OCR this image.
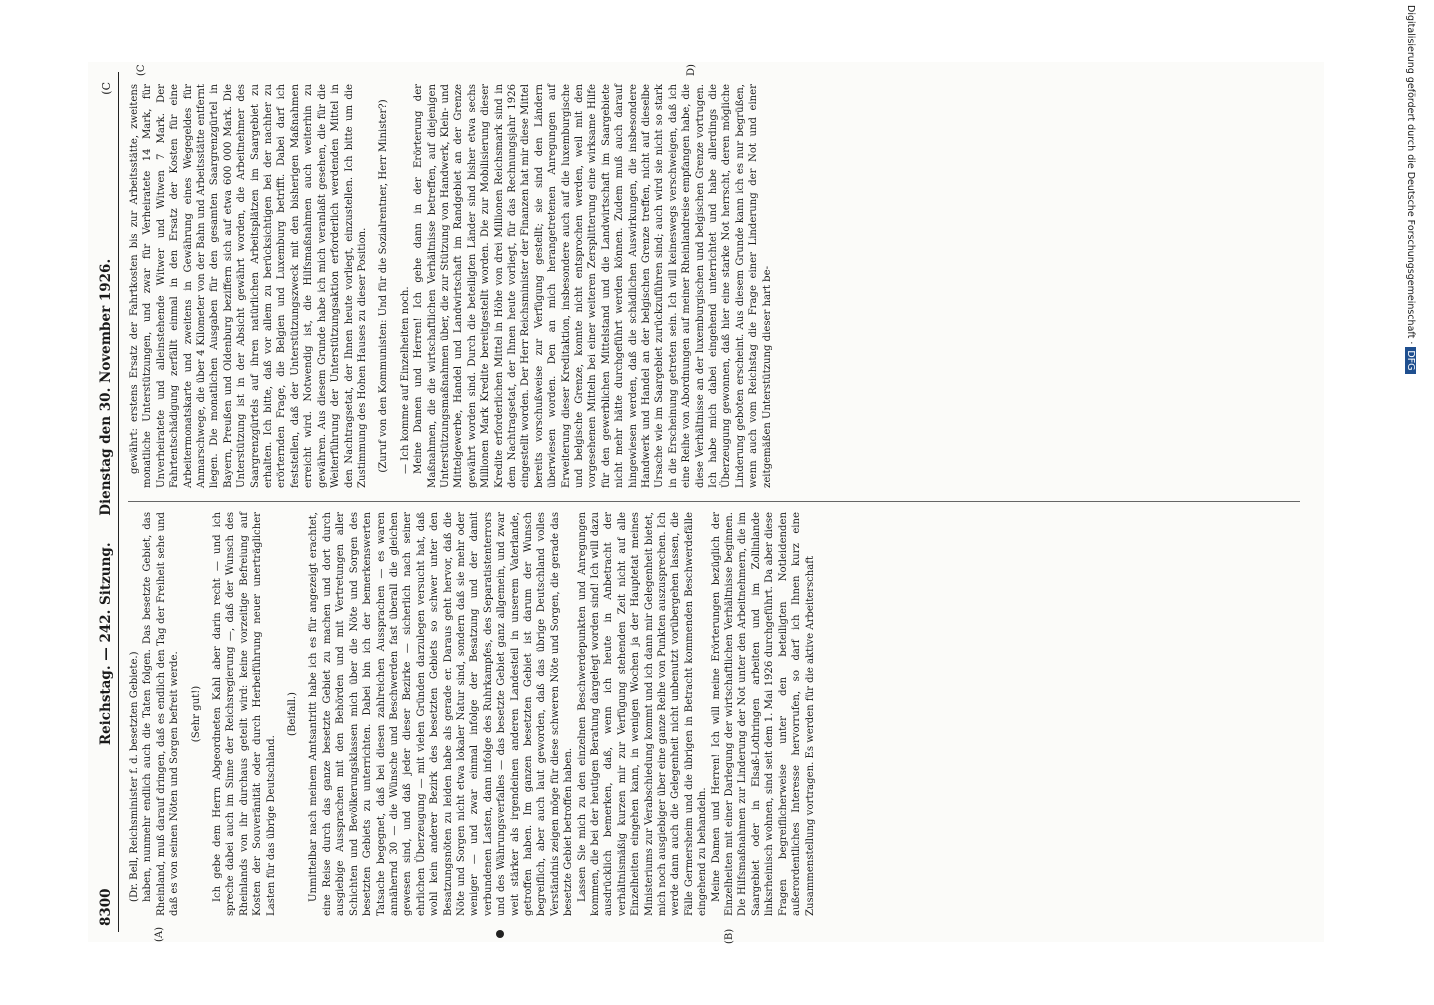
8300
Reichstag. — 242. Sitzung. Dienstag den 30. November 1926.
(C
(A)	(B)
(C	D)

(Dr. Bell, Reichsminister f. d. besetzten Gebiete.) haben, nunmehr endlich auch die Taten folgen. Das besetzte Gebiet, das Rheinland, muß darauf dringen, daß es endlich den Tag der Freiheit sehe und daß es von seinen Nöten und Sorgen befreit werde. (Sehr gut!) Ich gebe dem Herrn Abgeordneten Kahl aber darin recht — und ich spreche dabei auch im Sinne der Reichsregierung —, daß der Wunsch des Rheinlands von ihr durchaus geteilt wird: keine vorzeitige Befreiung auf Kosten der Souveränität oder durch Herbeiführung neuer unerträglicher Lasten für das übrige Deutschland.

(Beifall.) Unmittelbar nach meinem Amtsantritt habe ich es für angezeigt erachtet, eine Reise durch das ganze besetzte Gebiet zu machen und dort durch ausgiebige Aussprachen mit den Behörden und mit Vertretungen aller Schichten und Bevölkerungsklassen mich über die Nöte und Sorgen des besetzten Gebiets zu unterrichten. Dabei bin ich der bemerkenswerten Tatsache begegnet, daß bei diesen zahlreichen Aussprachen — es waren annähernd 30 — die Wünsche und Beschwerden fast überall die gleichen gewesen sind, und daß jeder dieser Bezirke — sicherlich nach seiner ehrlichen Überzeugung — mit vielen Gründen darzulegen versucht hat, daß wohl kein anderer Bezirk des besetzten Gebiets so schwer unter den Besatzungsnöten zu leiden habe als gerade er. Daraus geht hervor, daß die Nöte und Sorgen nicht etwa lokaler Natur sind, sondern daß sie mehr oder weniger — und zwar einmal infolge der Besatzung und der damit verbundenen Lasten, dann infolge des Ruhrkampfes, des Separatistenterrors und des Währungsverfalles — das besetzte Gebiet ganz allgemein, und zwar weit stärker als irgendeinen anderen Landesteil in unserem Vaterlande, getroffen haben. Im ganzen besetzten Gebiet ist darum der Wunsch begreiflich, aber auch laut geworden, daß das übrige Deutschland volles Verständnis zeigen möge für diese schweren Nöte und Sorgen, die gerade das besetzte Gebiet betroffen haben. Lassen Sie mich zu den einzelnen Beschwerdepunkten und Anregungen kommen, die bei der heutigen Beratung dargelegt worden sind! Ich will dazu ausdrücklich bemerken, daß, wenn ich heute in Anbetracht der verhältnismäßig kurzen mir zur Verfügung stehenden Zeit nicht auf alle Einzelheiten eingehen kann, in wenigen Wochen ja der Hauptetat meines Ministeriums zur Verabschiedung kommt und ich dann mir Gelegenheit bietet, mich noch ausgiebiger über eine ganze Reihe von Punkten auszusprechen. Ich werde dann auch die Gelegenheit nicht unbenutzt vorübergehen lassen, die Fälle Germersheim und die übrigen in Betracht kommenden Beschwerdefälle eingehend zu behandeln. Meine Damen und Herren! Ich will meine Erörterungen bezüglich der Einzelheiten mit einer Darlegung der wirtschaftlichen Verhältnisse beginnen. Die Hilfsmaßnahmen zur Linderung der Not unter den Arbeitnehmern, die im Saargebiet oder in Elsaß-Lothringen arbeiten und im Zollinlande linksrheinisch wohnen, sind seit dem 1. Mai 1926 durchgeführt. Da aber diese Fragen begreiflicherweise unter den beteiligten Notleidenden außerordentliches Interesse hervorrufen, so darf ich Ihnen kurz eine Zusammenstellung vortragen. Es werden für die aktive Arbeiterschaft

gewährt: erstens Ersatz der Fahrtkosten bis zur Arbeitsstätte, zweitens monatliche Unterstützungen, und zwar für Verheiratete 14 Mark, für Unverheiratete und alleinstehende Witwer und Witwen 7 Mark. Der Fahrtentschädigung zerfällt einmal in den Ersatz der Kosten für eine Arbeitermonatskarte und zweitens in Gewährung eines Wegegeldes für Anmarschwege, die über 4 Kilometer von der Bahn und Arbeitsstätte entfernt liegen. Die monatlichen Ausgaben für den gesamten Saargrenzgürtel in Bayern, Preußen und Oldenburg beziffern sich auf etwa 600 000 Mark. Die Unterstützung ist in der Absicht gewährt worden, die Arbeitnehmer des Saargrenzgürtels auf ihren natürlichen Arbeitsplätzen im Saargebiet zu erhalten. Ich bitte, daß vor allem zu berücksichtigen bei der nachher zu erörternden Frage, die Belgien und Luxemburg betrifft. Dabei darf ich feststellen, daß der Unterstützungszweck mit den bisherigen Maßnahmen erreicht wird. Notwendig ist, die Hilfsmaßnahmen auch weiterhin zu gewähren. Aus diesem Grunde habe ich mich veranlaßt gesehen, die für die Weiterführung der Unterstützungsaktion erforderlich werdenden Mittel in den Nachtragsetat, der Ihnen heute vorliegt, einzustellen. Ich bitte um die Zustimmung des Hohen Hauses zu dieser Position. (Zuruf von den Kommunisten: Und für die Sozialrentner, Herr Minister?) — Ich komme auf Einzelheiten noch. Meine Damen und Herren! Ich gehe dann in der Erörterung der Maßnahmen, die die wirtschaftlichen Verhältnisse betreffen, auf diejenigen Unterstützungsmaßnahmen über, die zur Stützung von Handwerk, Klein- und Mittelgewerbe, Handel und Landwirtschaft im Randgebiet an der Grenze gewährt worden sind. Durch die beteiligten Länder sind bisher etwa sechs Millionen Mark Kredite bereitgestellt worden. Die zur Mobilisierung dieser Kredite erforderlichen Mittel in Höhe von drei Millionen Reichsmark sind in dem Nachtragsetat, der Ihnen heute vorliegt, für das Rechnungsjahr 1926 eingestellt worden. Der Herr Reichsminister der Finanzen hat mir diese Mittel bereits vorschußweise zur Verfügung gestellt; sie sind den Ländern überwiesen worden. Den an mich herangetretenen Anregungen auf Erweiterung dieser Kreditaktion, insbesondere auch auf die luxemburgische und belgische Grenze, konnte nicht entsprochen werden, weil mit den vorgesehenen Mitteln bei einer weiteren Zersplitterung eine wirksame Hilfe für den gewerblichen Mittelstand und die Landwirtschaft im Saargebiete nicht mehr hätte durchgeführt werden können. Zudem muß auch darauf hingewiesen werden, daß die schädlichen Auswirkungen, die insbesondere Handwerk und Handel an der belgischen Grenze treffen, nicht auf dieselbe Ursache wie im Saargebiet zurückzuführen sind; auch wird sie nicht so stark in die Erscheinung getreten sein. Ich will keineswegs verschweigen, daß ich eine Reihe von Abordnungen auf meiner Rheinlandreise empfangen habe, die diese Verhältnisse an der luxemburgischen und belgischen Grenze vortrugen. Ich habe mich dabei eingehend unterrichtet und habe allerdings die Überzeugung gewonnen, daß hier eine starke Not herrscht, deren mögliche Linderung geboten erscheint. Aus diesem Grunde kann ich es nur begrüßen, wenn auch vom Reichstag die Frage einer Linderung der Not und einer zeitgemäßen Unterstützung dieser hart be-

Digitalisierung gefördert durch die Deutsche Forschungsgemeinschaft · DFG
